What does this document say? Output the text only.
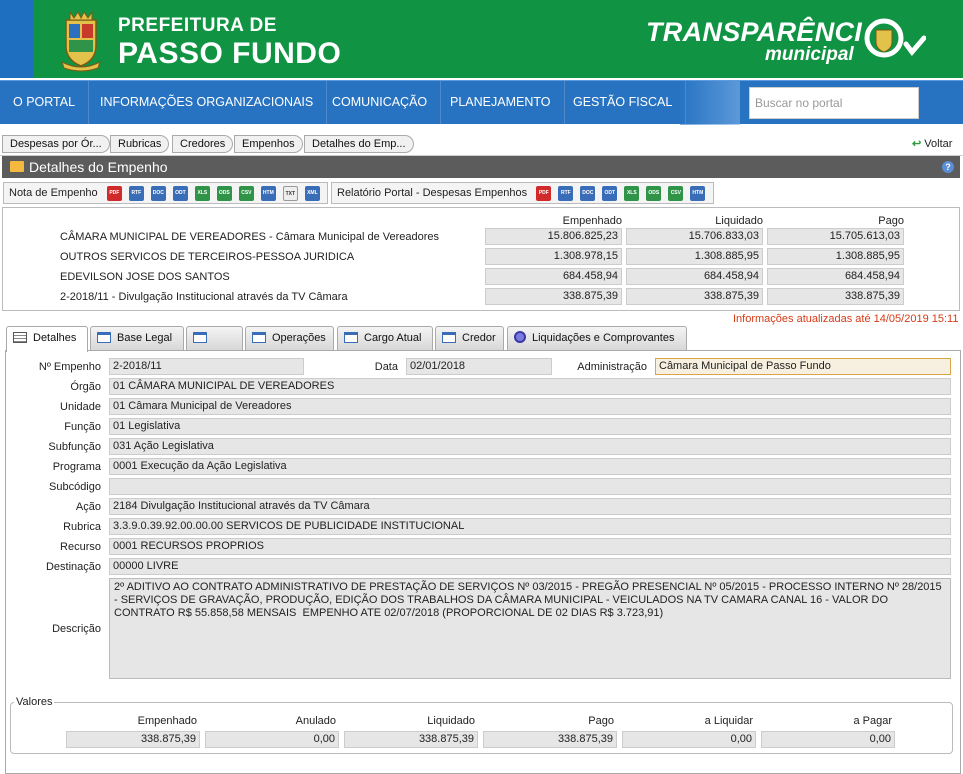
PREFEITURA DE
PASSO FUNDO
TRANSPARÊNCI
municipal
O PORTAL	INFORMAÇÕES ORGANIZACIONAIS	COMUNICAÇÃO	PLANEJAMENTO	GESTÃO FISCAL	Buscar no portal
Despesas por Ór...	Rubricas	Credores	Empenhos	Detalhes do Emp...	↩ Voltar
Detalhes do Empenho	?
Nota de Empenho PDF RTF DOC ODT XLS ODS CSV HTM TXT XML	Relatório Portal - Despesas Empenhos PDF RTF DOC ODT XLS ODS CSV HTM
Empenhado	Liquidado	Pago
CÂMARA MUNICIPAL DE VEREADORES - Câmara Municipal de Vereadores	15.806.825,23	15.706.833,03	15.705.613,03
OUTROS SERVICOS DE TERCEIROS-PESSOA JURIDICA	1.308.978,15	1.308.885,95	1.308.885,95
EDEVILSON JOSE DOS SANTOS	684.458,94	684.458,94	684.458,94
2-2018/11 - Divulgação Institucional através da TV Câmara	338.875,39	338.875,39	338.875,39
Informações atualizadas até 14/05/2019 15:11
Detalhes	Base Legal	Operações	Cargo Atual	Credor	Liquidações e Comprovantes
Nº Empenho	2-2018/11	Data	02/01/2018	Administração	Câmara Municipal de Passo Fundo
Órgão	01 CÂMARA MUNICIPAL DE VEREADORES
Unidade	01 Câmara Municipal de Vereadores
Função	01 Legislativa
Subfunção	031 Ação Legislativa
Programa	0001 Execução da Ação Legislativa
Subcódigo
Ação	2184 Divulgação Institucional através da TV Câmara
Rubrica	3.3.9.0.39.92.00.00.00 SERVICOS DE PUBLICIDADE INSTITUCIONAL
Recurso	0001 RECURSOS PROPRIOS
Destinação	00000 LIVRE
Descrição
2º ADITIVO AO CONTRATO ADMINISTRATIVO DE PRESTAÇÃO DE SERVIÇOS Nº 03/2015 - PREGÃO PRESENCIAL Nº 05/2015 - PROCESSO INTERNO Nº 28/2015 - SERVIÇOS DE GRAVAÇÃO, PRODUÇÃO, EDIÇÃO DOS TRABALHOS DA CÂMARA MUNICIPAL - VEICULADOS NA TV CAMARA CANAL 16 - VALOR DO CONTRATO R$ 55.858,58 MENSAIS  EMPENHO ATE 02/07/2018 (PROPORCIONAL DE 02 DIAS R$ 3.723,91)
Valores
Empenhado	Anulado	Liquidado	Pago	a Liquidar	a Pagar
338.875,39	0,00	338.875,39	338.875,39	0,00	0,00
